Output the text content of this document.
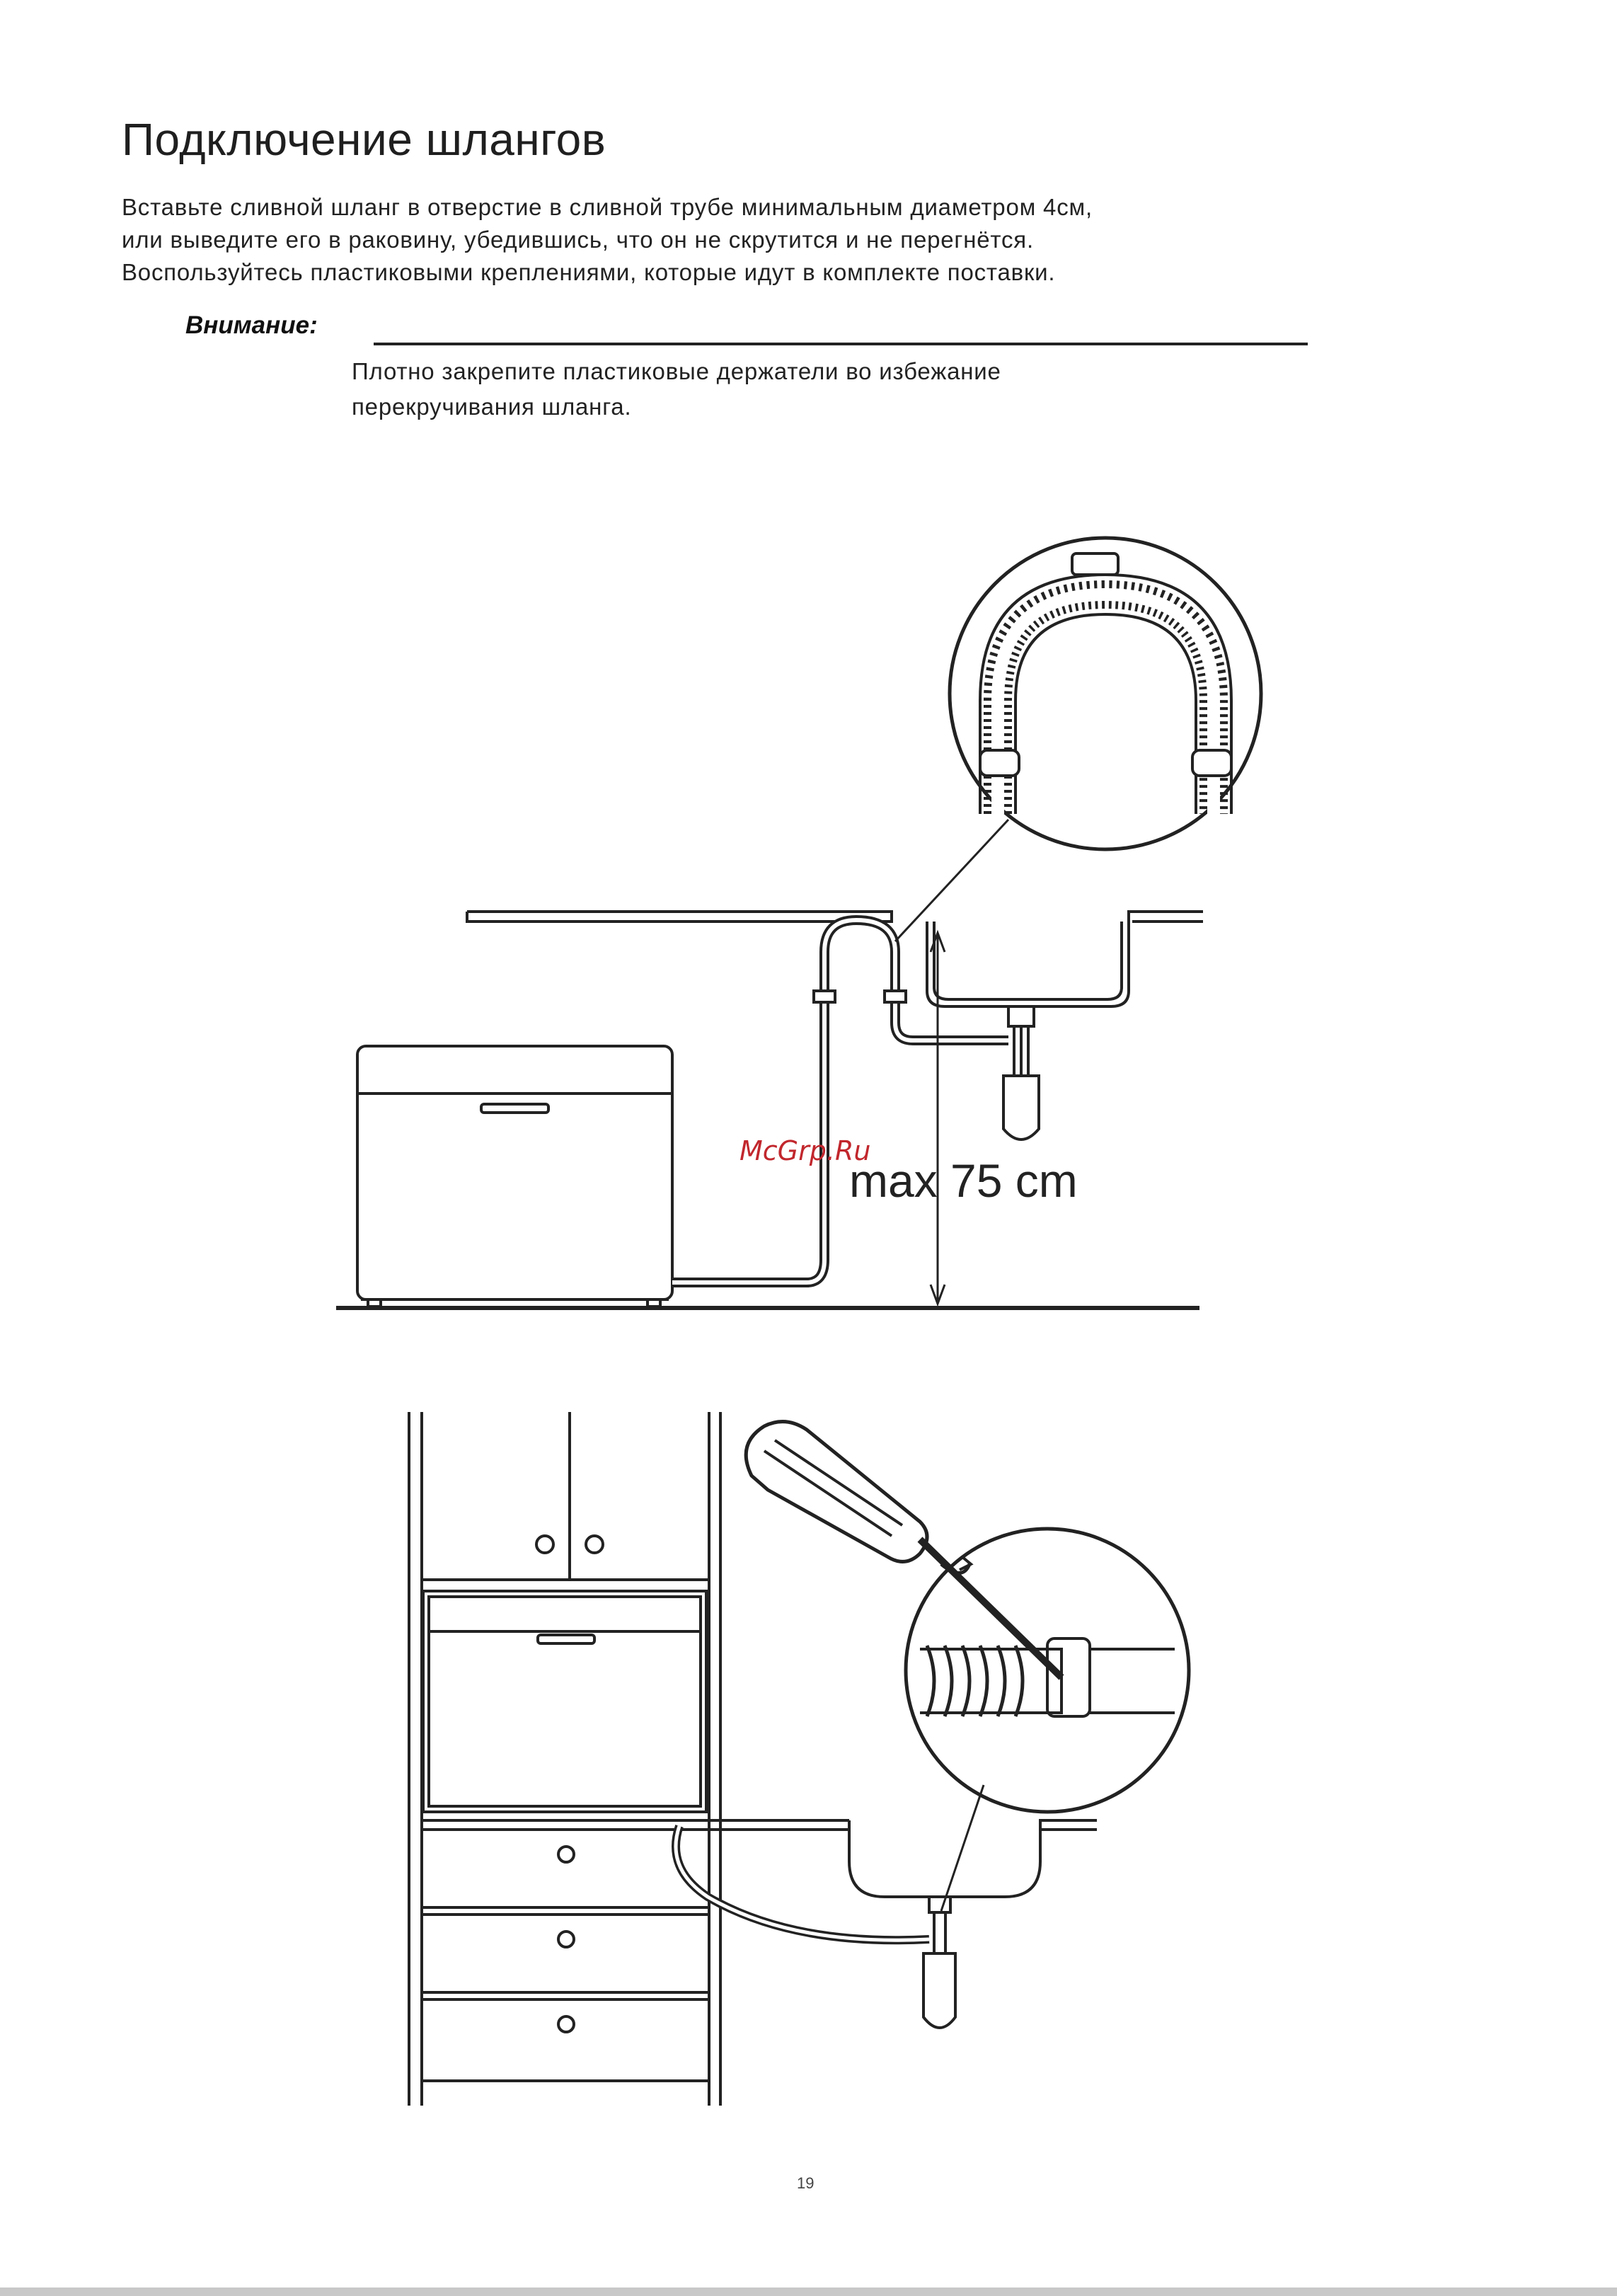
Подключение шлангов
Вставьте сливной шланг в отверстие в сливной трубе минимальным диаметром 4см,
или выведите его в раковину, убедившись, что он не скрутится и не перегнётся.
Воспользуйтесь пластиковыми креплениями, которые идут в комплекте поставки.
Внимание:
Плотно закрепите пластиковые держатели во избежание
перекручивания шланга.
McGrp.Ru
max 75 cm
19
